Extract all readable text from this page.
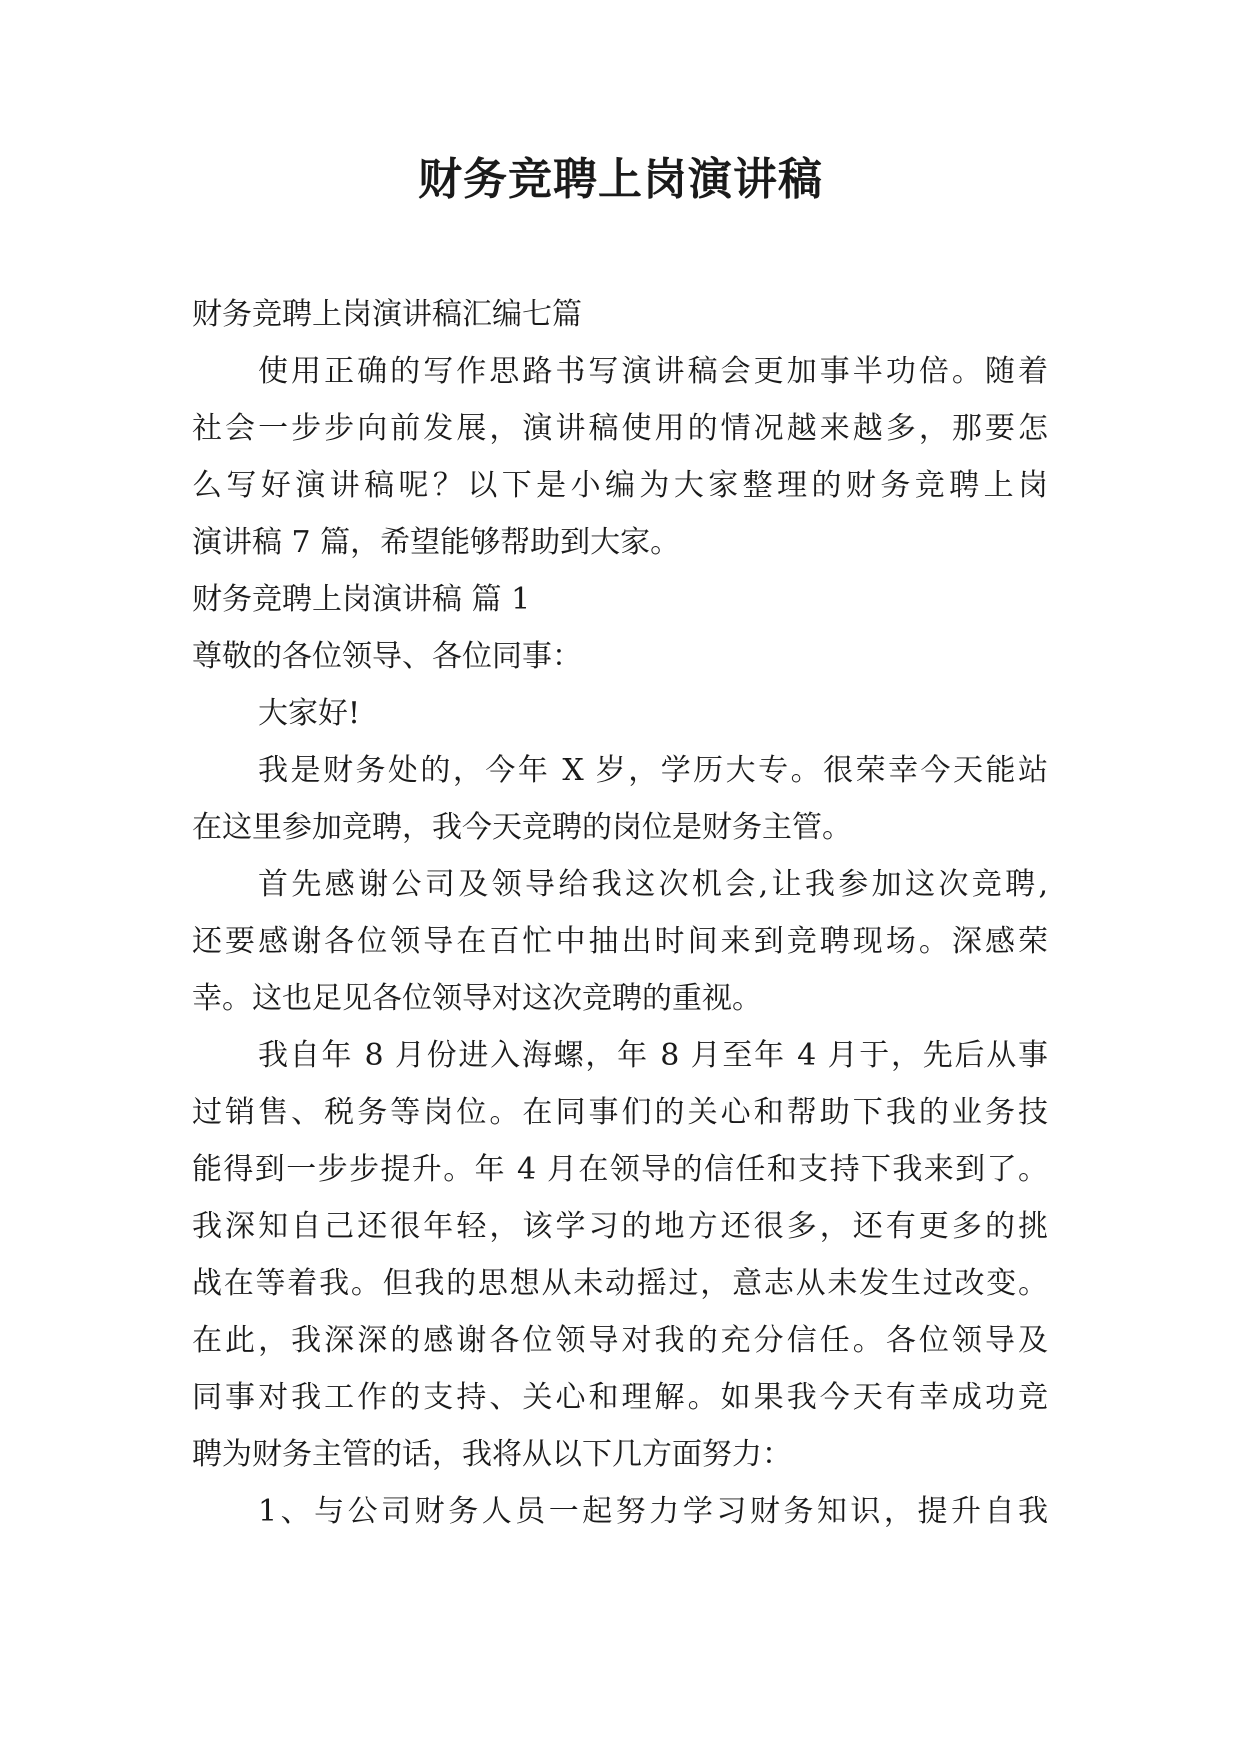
财务竞聘上岗演讲稿

财务竞聘上岗演讲稿汇编七篇

使用正确的写作思路书写演讲稿会更加事半功倍。随着

社会一步步向前发展，演讲稿使用的情况越来越多，那要怎

么写好演讲稿呢？以下是小编为大家整理的财务竞聘上岗

演讲稿 7 篇，希望能够帮助到大家。

财务竞聘上岗演讲稿 篇 1

尊敬的各位领导、各位同事：

大家好!

我是财务处的，今年 X 岁，学历大专。很荣幸今天能站

在这里参加竞聘，我今天竞聘的岗位是财务主管。

首先感谢公司及领导给我这次机会,让我参加这次竞聘,

还要感谢各位领导在百忙中抽出时间来到竞聘现场。深感荣

幸。这也足见各位领导对这次竞聘的重视。

我自年 8 月份进入海螺，年 8 月至年 4 月于，先后从事

过销售、税务等岗位。在同事们的关心和帮助下我的业务技

能得到一步步提升。年 4 月在领导的信任和支持下我来到了。

我深知自己还很年轻，该学习的地方还很多，还有更多的挑

战在等着我。但我的思想从未动摇过，意志从未发生过改变。

在此，我深深的感谢各位领导对我的充分信任。各位领导及

同事对我工作的支持、关心和理解。如果我今天有幸成功竞

聘为财务主管的话，我将从以下几方面努力：

1、与公司财务人员一起努力学习财务知识，提升自我
